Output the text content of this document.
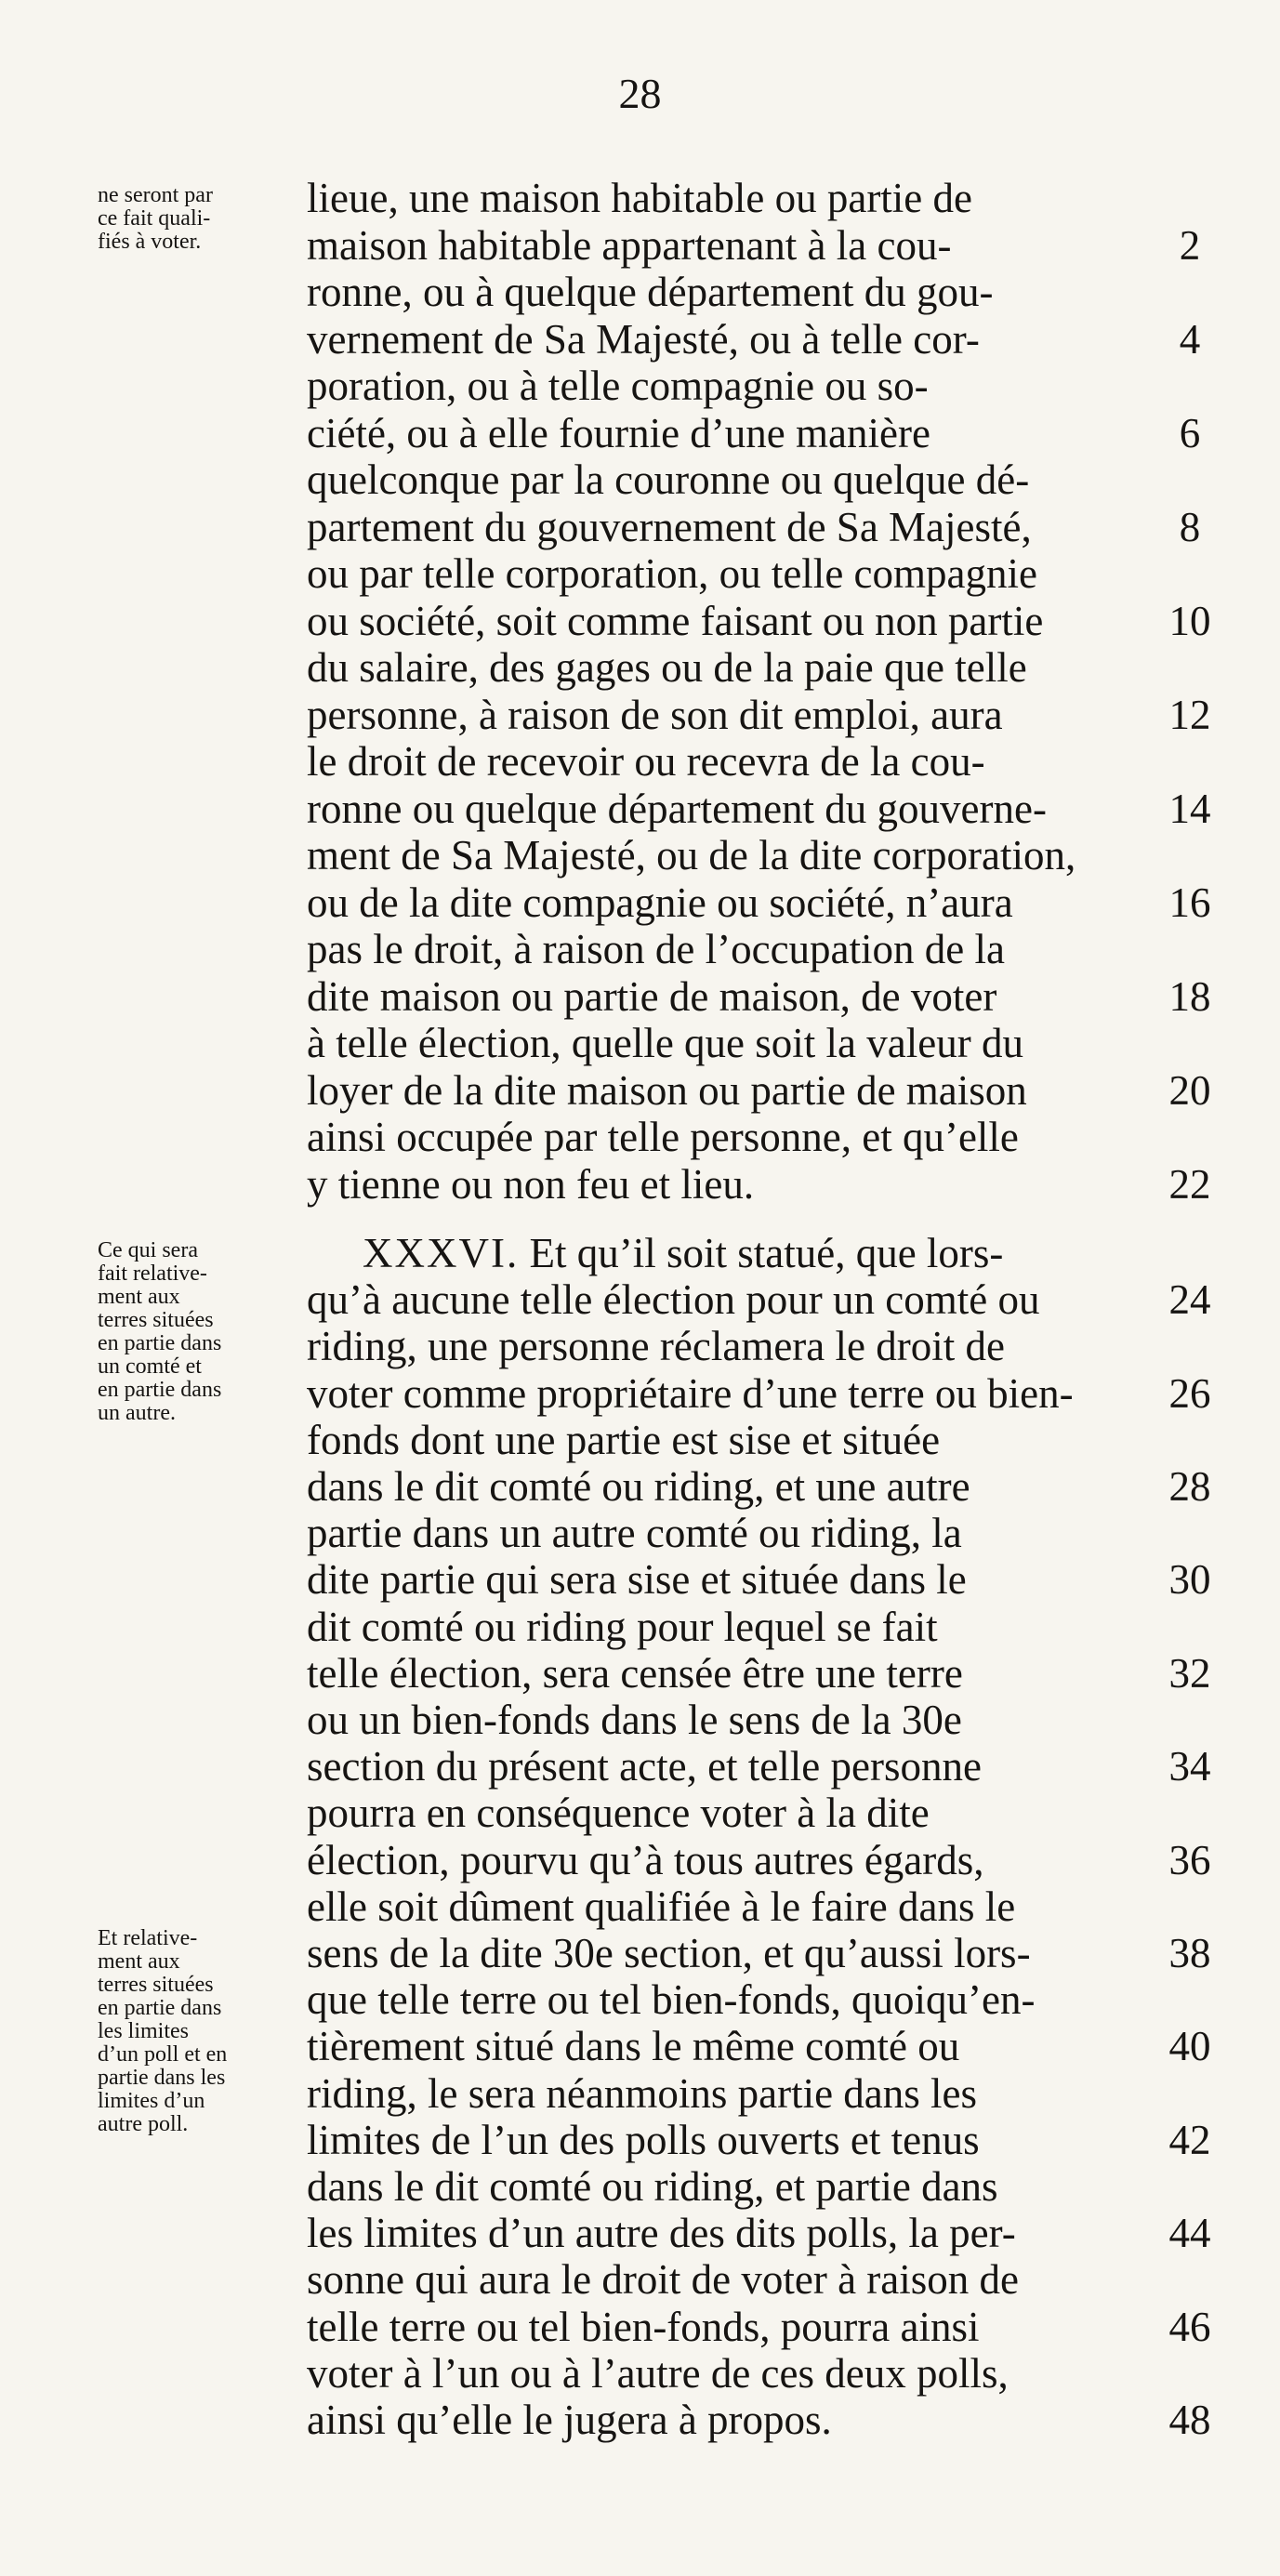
28
ne seront par
ce fait quali-
fiés à voter.
lieue, une maison habitable ou partie de
maison habitable appartenant à la cou-	2
ronne, ou à quelque département du gou-
vernement de Sa Majesté, ou à telle cor-	4
poration, ou à telle compagnie ou so-
ciété, ou à elle fournie d’une manière	6
quelconque par la couronne ou quelque dé-
partement du gouvernement de Sa Majesté,	8
ou par telle corporation, ou telle compagnie
ou société, soit comme faisant ou non partie	10
du salaire, des gages ou de la paie que telle
personne, à raison de son dit emploi, aura	12
le droit de recevoir ou recevra de la cou-
ronne ou quelque département du gouverne-	14
ment de Sa Majesté, ou de la dite corporation,
ou de la dite compagnie ou société, n’aura	16
pas le droit, à raison de l’occupation de la
dite maison ou partie de maison, de voter	18
à telle élection, quelle que soit la valeur du
loyer de la dite maison ou partie de maison	20
ainsi occupée par telle personne, et qu’elle
y tienne ou non feu et lieu.	22
Ce qui sera
fait relative-
ment aux
terres situées
en partie dans
un comté et
en partie dans
un autre.
Et relative-
ment aux
terres situées
en partie dans
les limites
d’un poll et en
partie dans les
limites d’un
autre poll.
XXXVI. Et qu’il soit statué, que lors-
qu’à aucune telle élection pour un comté ou	24
riding, une personne réclamera le droit de
voter comme propriétaire d’une terre ou bien-	26
fonds dont une partie est sise et située
dans le dit comté ou riding, et une autre	28
partie dans un autre comté ou riding, la
dite partie qui sera sise et située dans le	30
dit comté ou riding pour lequel se fait
telle élection, sera censée être une terre	32
ou un bien-fonds dans le sens de la 30e
section du présent acte, et telle personne	34
pourra en conséquence voter à la dite
élection, pourvu qu’à tous autres égards,	36
elle soit dûment qualifiée à le faire dans le
sens de la dite 30e section, et qu’aussi lors-	38
que telle terre ou tel bien-fonds, quoiqu’en-
tièrement situé dans le même comté ou	40
riding, le sera néanmoins partie dans les
limites de l’un des polls ouverts et tenus	42
dans le dit comté ou riding, et partie dans
les limites d’un autre des dits polls, la per-	44
sonne qui aura le droit de voter à raison de
telle terre ou tel bien-fonds, pourra ainsi	46
voter à l’un ou à l’autre de ces deux polls,
ainsi qu’elle le jugera à propos.	48
